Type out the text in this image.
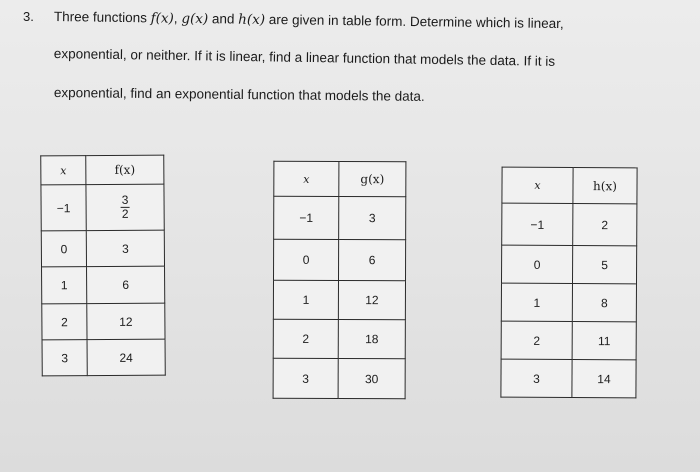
3. Three functions f(x), g(x) and h(x) are given in table form. Determine which is linear,
exponential, or neither. If it is linear, find a linear function that models the data. If it is
exponential, find an exponential function that models the data.
x	f(x)
−1	$\frac{3}{2}$
0	3
1	6
2	12
3	24
x	g(x)
−1	3
0	6
1	12
2	18
3	30
x	h(x)
−1	2
0	5
1	8
2	11
3	14
